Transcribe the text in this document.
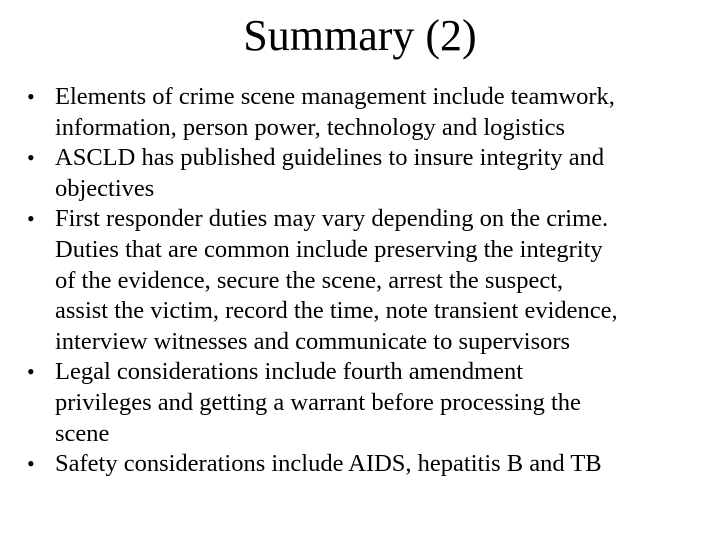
Summary (2)
• Elements of crime scene management include teamwork,
information, person power, technology and logistics
• ASCLD has published guidelines to insure integrity and
objectives
• First responder duties may vary depending on the crime.
Duties that are common include preserving the integrity
of the evidence, secure the scene, arrest the suspect,
assist the victim, record the time, note transient evidence,
interview witnesses and communicate to supervisors
• Legal considerations include fourth amendment
privileges and getting a warrant before processing the
scene
• Safety considerations include AIDS, hepatitis B and TB
